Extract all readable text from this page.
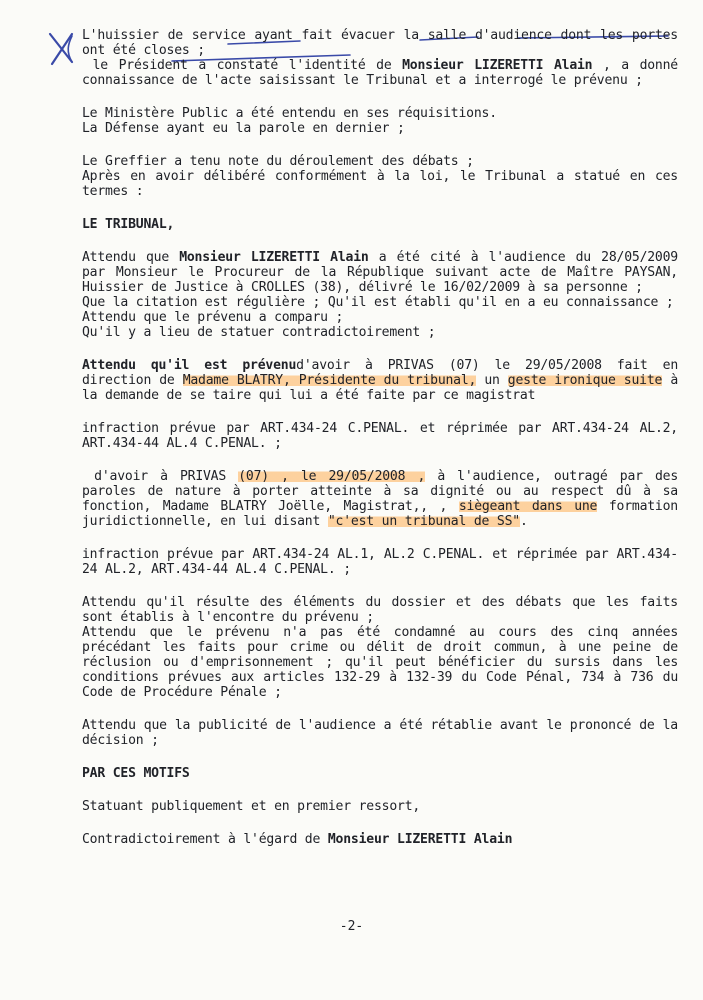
L'huissier de service ayant fait évacuer la salle d'audience dont les portes ont été closes ;

le Président a constaté l'identité de Monsieur LIZERETTI Alain , a donné connaissance de l'acte saisissant le Tribunal et a interrogé le prévenu ;

Le Ministère Public a été entendu en ses réquisitions.
La Défense ayant eu la parole en dernier ;

Le Greffier a tenu note du déroulement des débats ;
Après en avoir délibéré conformément à la loi, le Tribunal a statué en ces termes :

LE TRIBUNAL,

Attendu que Monsieur LIZERETTI Alain a été cité à l'audience du 28/05/2009 par Monsieur le Procureur de la République suivant acte de Maître PAYSAN, Huissier de Justice à CROLLES (38), délivré le 16/02/2009 à sa personne ;
Que la citation est régulière ; Qu'il est établi qu'il en a eu connaissance ;
Attendu que le prévenu a comparu ;
Qu'il y a lieu de statuer contradictoirement ;

Attendu qu'il est prévenud'avoir à PRIVAS (07) le 29/05/2008 fait en direction de Madame BLATRY, Présidente du tribunal, un geste ironique suite à la demande de se taire qui lui a été faite par ce magistrat

infraction prévue par ART.434-24 C.PENAL. et réprimée par ART.434-24 AL.2, ART.434-44 AL.4 C.PENAL. ;

d'avoir à PRIVAS (07) , le 29/05/2008 , à l'audience, outragé par des paroles de nature à porter atteinte à sa dignité ou au respect dû à sa fonction, Madame BLATRY Joëlle, Magistrat,, , siègeant dans une formation juridictionnelle, en lui disant "c'est un tribunal de SS".

infraction prévue par ART.434-24 AL.1, AL.2 C.PENAL. et réprimée par ART.434-24 AL.2, ART.434-44 AL.4 C.PENAL. ;

Attendu qu'il résulte des éléments du dossier et des débats que les faits sont établis à l'encontre du prévenu ;
Attendu que le prévenu n'a pas été condamné au cours des cinq années précédant les faits pour crime ou délit de droit commun, à une peine de réclusion ou d'emprisonnement ; qu'il peut bénéficier du sursis dans les conditions prévues aux articles 132-29 à 132-39 du Code Pénal, 734 à 736 du Code de Procédure Pénale ;

Attendu que la publicité de l'audience a été rétablie avant le prononcé de la décision ;

PAR CES MOTIFS

Statuant publiquement et en premier ressort,

Contradictoirement à l'égard de Monsieur LIZERETTI Alain

-2-
